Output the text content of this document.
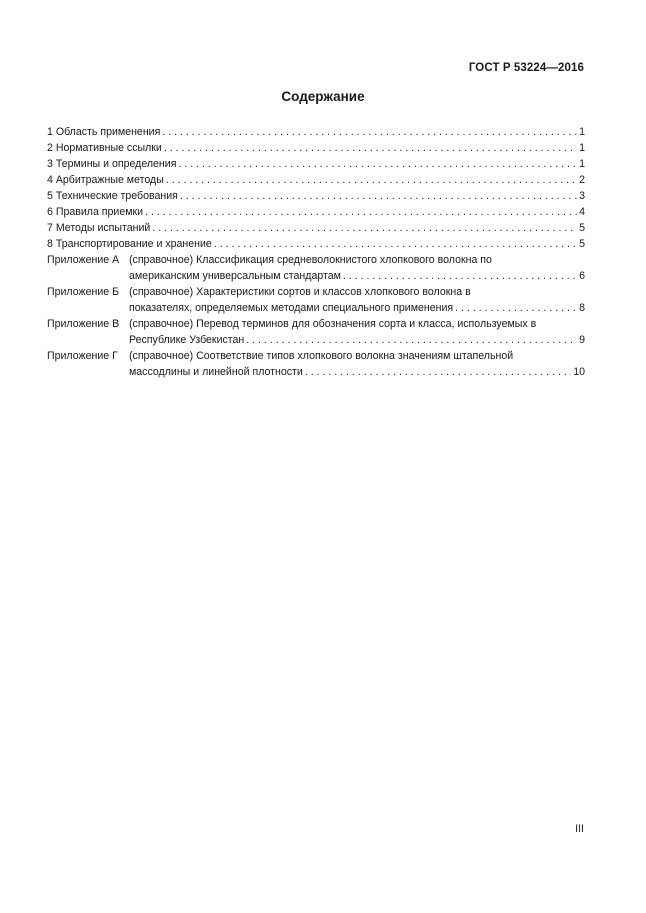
ГОСТ Р 53224—2016
Содержание
1 Область применения . . .	1
2 Нормативные ссылки . . .	1
3 Термины и определения . . .	1
4 Арбитражные методы . . .	2
5 Технические требования . . .	3
6 Правила приемки . . .	4
7 Методы испытаний . . .	5
8 Транспортирование и хранение . . .	5
Приложение А (справочное) Классификация средневолокнистого хлопкового волокна по
американским универсальным стандартам . . .	6
Приложение Б (справочное) Характеристики сортов и классов хлопкового волокна в
показателях, определяемых методами специального применения . . .	8
Приложение В (справочное) Перевод терминов для обозначения сорта и класса, используемых в
Республике Узбекистан . . .	9
Приложение Г	(справочное) Соответствие типов хлопкового волокна значениям штапельной
массодлины и линейной плотности . . .	10
III
